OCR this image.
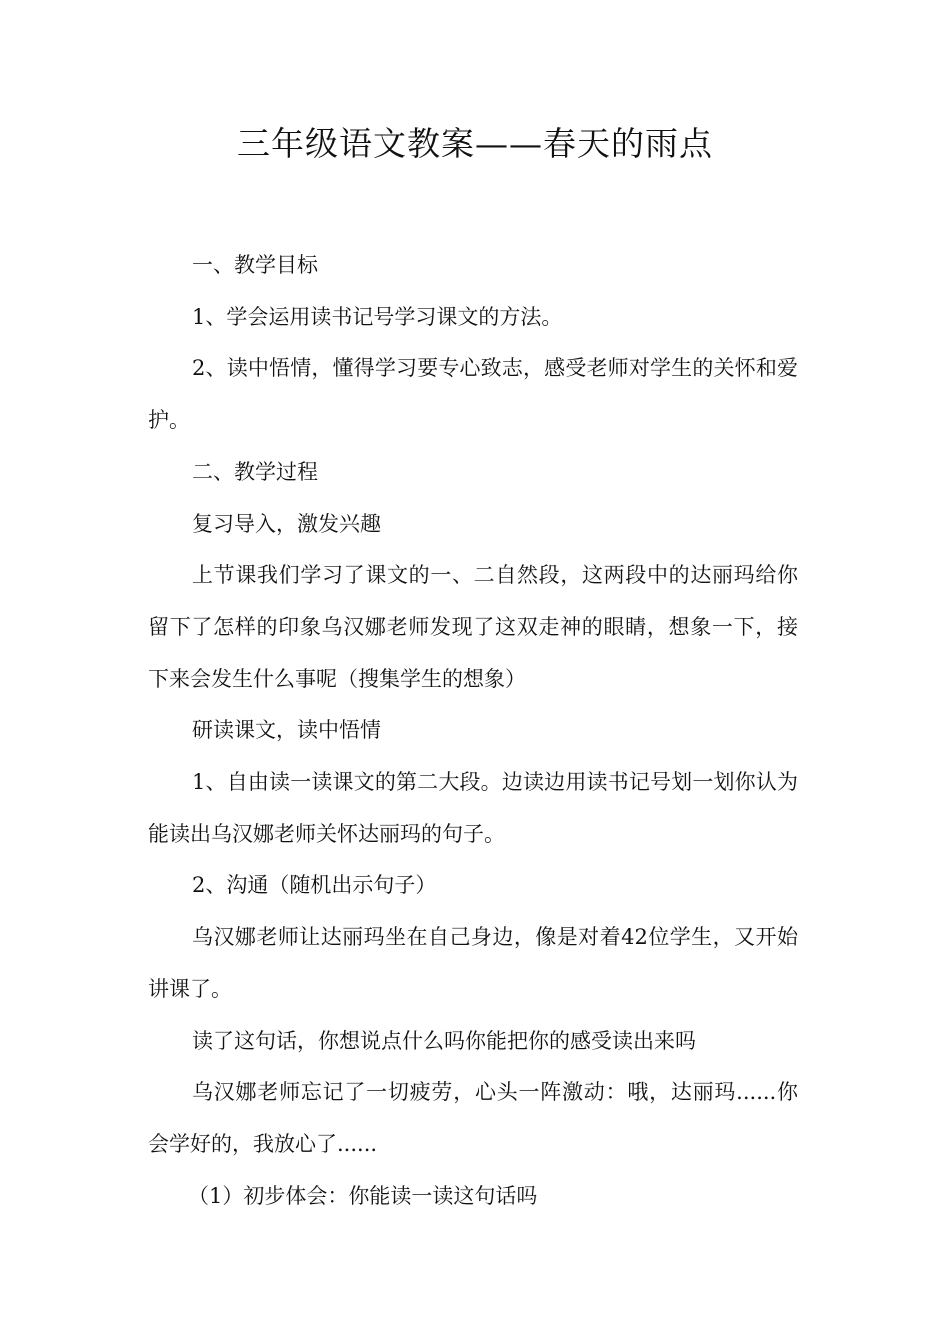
三年级语文教案——春天的雨点

一、教学目标

1、学会运用读书记号学习课文的方法。

2、读中悟情，懂得学习要专心致志，感受老师对学生的关怀和爱护。

二、教学过程

复习导入，激发兴趣

上节课我们学习了课文的一、二自然段，这两段中的达丽玛给你留下了怎样的印象乌汉娜老师发现了这双走神的眼睛，想象一下，接下来会发生什么事呢（搜集学生的想象）

研读课文，读中悟情

1、自由读一读课文的第二大段。边读边用读书记号划一划你认为能读出乌汉娜老师关怀达丽玛的句子。

2、沟通（随机出示句子）

乌汉娜老师让达丽玛坐在自己身边，像是对着42位学生，又开始讲课了。

读了这句话，你想说点什么吗你能把你的感受读出来吗

乌汉娜老师忘记了一切疲劳，心头一阵激动：哦，达丽玛......你会学好的，我放心了......

（1）初步体会：你能读一读这句话吗
